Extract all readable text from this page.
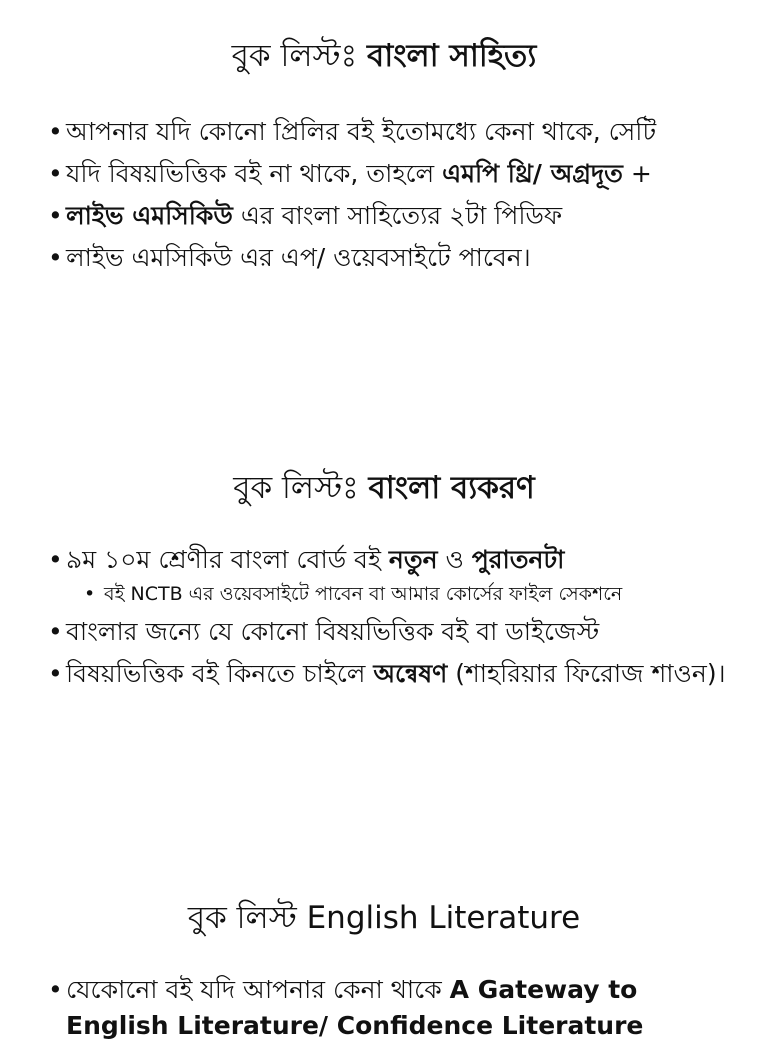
বুক লিস্টঃ বাংলা সাহিত্য
• আপনার যদি কোনো প্রিলির বই ইতোমধ্যে কেনা থাকে, সেটি
• যদি বিষয়ভিত্তিক বই না থাকে, তাহলে এমপি থ্রি/ অগ্রদূত +
• লাইভ এমসিকিউ এর বাংলা সাহিত্যের ২টা পিডিফ
• লাইভ এমসিকিউ এর এপ/ ওয়েবসাইটে পাবেন।
বুক লিস্টঃ বাংলা ব্যকরণ
• ৯ম ১০ম শ্রেণীর বাংলা বোর্ড বই নতুন ও পুরাতনটা
• বই NCTB এর ওয়েবসাইটে পাবেন বা আমার কোর্সের ফাইল সেকশনে
• বাংলার জন্যে যে কোনো বিষয়ভিত্তিক বই বা ডাইজেস্ট
• বিষয়ভিত্তিক বই কিনতে চাইলে অন্বেষণ (শাহরিয়ার ফিরোজ শাওন)।
বুক লিস্ট English Literature
• যেকোনো বই যদি আপনার কেনা থাকে A Gateway to English Literature/ Confidence Literature
